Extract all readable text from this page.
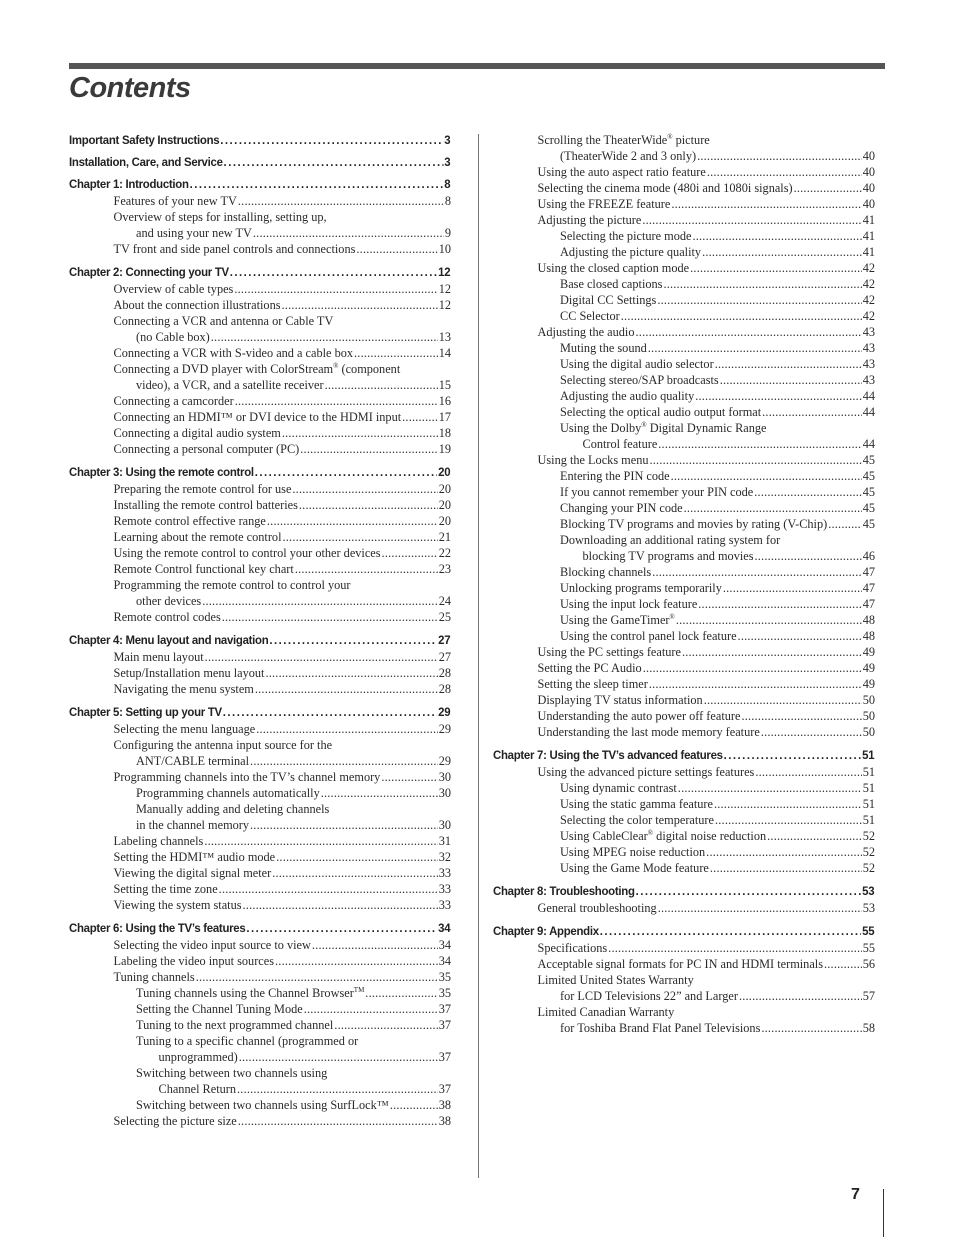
Contents
Important Safety Instructions .....	3
Installation, Care, and Service .....	3
Chapter 1: Introduction .....	8
Features of your new TV .....	8
Overview of steps for installing, setting up,
and using your new TV .....	9
TV front and side panel controls and connections .....	10
Chapter 2: Connecting your TV .....	12
Overview of cable types .....	12
About the connection illustrations .....	12
Connecting a VCR and antenna or Cable TV
(no Cable box) .....	13
Connecting a VCR with S-video and a cable box .....	14
Connecting a DVD player with ColorStream® (component
video), a VCR, and a satellite receiver .....	15
Connecting a camcorder .....	16
Connecting an HDMI™ or DVI device to the HDMI input .....	17
Connecting a digital audio system .....	18
Connecting a personal computer (PC) .....	19
Chapter 3: Using the remote control .....	20
Preparing the remote control for use .....	20
Installing the remote control batteries .....	20
Remote control effective range .....	20
Learning about the remote control .....	21
Using the remote control to control your other devices .....	22
Remote Control functional key chart .....	23
Programming the remote control to control your
other devices .....	24
Remote control codes .....	25
Chapter 4: Menu layout and navigation .....	27
Main menu layout .....	27
Setup/Installation menu layout .....	28
Navigating the menu system .....	28
Chapter 5: Setting up your TV .....	29
Selecting the menu language .....	29
Configuring the antenna input source for the
ANT/CABLE terminal .....	29
Programming channels into the TV’s channel memory .....	30
Programming channels automatically .....	30
Manually adding and deleting channels
in the channel memory .....	30
Labeling channels .....	31
Setting the HDMI™ audio mode .....	32
Viewing the digital signal meter .....	33
Setting the time zone .....	33
Viewing the system status .....	33
Chapter 6: Using the TV’s features .....	34
Selecting the video input source to view .....	34
Labeling the video input sources .....	34
Tuning channels .....	35
Tuning channels using the Channel Browser™ .....	35
Setting the Channel Tuning Mode .....	37
Tuning to the next programmed channel .....	37
Tuning to a specific channel (programmed or
unprogrammed) .....	37
Switching between two channels using
Channel Return .....	37
Switching between two channels using SurfLock™ .....	38
Selecting the picture size .....	38
Scrolling the TheaterWide® picture
(TheaterWide 2 and 3 only) .....	40
Using the auto aspect ratio feature .....	40
Selecting the cinema mode (480i and 1080i signals) .....	40
Using the FREEZE feature .....	40
Adjusting the picture .....	41
Selecting the picture mode .....	41
Adjusting the picture quality .....	41
Using the closed caption mode .....	42
Base closed captions .....	42
Digital CC Settings .....	42
CC Selector .....	42
Adjusting the audio .....	43
Muting the sound .....	43
Using the digital audio selector .....	43
Selecting stereo/SAP broadcasts .....	43
Adjusting the audio quality .....	44
Selecting the optical audio output format .....	44
Using the Dolby® Digital Dynamic Range
Control feature .....	44
Using the Locks menu .....	45
Entering the PIN code .....	45
If you cannot remember your PIN code .....	45
Changing your PIN code .....	45
Blocking TV programs and movies by rating (V-Chip) .....	45
Downloading an additional rating system for
blocking TV programs and movies .....	46
Blocking channels .....	47
Unlocking programs temporarily .....	47
Using the input lock feature .....	47
Using the GameTimer® .....	48
Using the control panel lock feature .....	48
Using the PC settings feature .....	49
Setting the PC Audio .....	49
Setting the sleep timer .....	49
Displaying TV status information .....	50
Understanding the auto power off feature .....	50
Understanding the last mode memory feature .....	50
Chapter 7: Using the TV’s advanced features .....	51
Using the advanced picture settings features .....	51
Using dynamic contrast .....	51
Using the static gamma feature .....	51
Selecting the color temperature .....	51
Using CableClear® digital noise reduction .....	52
Using MPEG noise reduction .....	52
Using the Game Mode feature .....	52
Chapter 8: Troubleshooting .....	53
General troubleshooting .....	53
Chapter 9: Appendix .....	55
Specifications .....	55
Acceptable signal formats for PC IN and HDMI terminals .....	56
Limited United States Warranty
for LCD Televisions 22” and Larger .....	57
Limited Canadian Warranty
for Toshiba Brand Flat Panel Televisions .....	58
7
